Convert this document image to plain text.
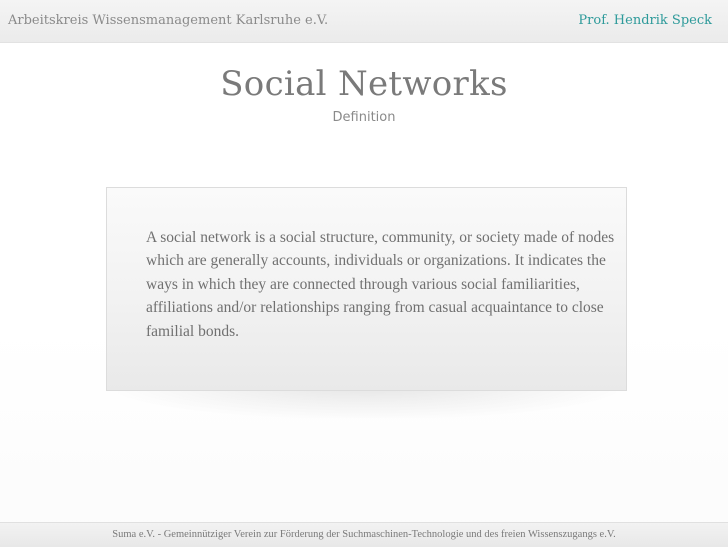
Arbeitskreis Wissensmanagement Karlsruhe e.V.	Prof. Hendrik Speck
Social Networks
Definition
A social network is a social structure, community, or society made of nodes which are generally accounts, individuals or organizations. It indicates the ways in which they are connected through various social familiarities, affiliations and/or relationships ranging from casual acquaintance to close familial bonds.
Suma e.V. - Gemeinnütziger Verein zur Förderung der Suchmaschinen-Technologie und des freien Wissenszugangs e.V.
